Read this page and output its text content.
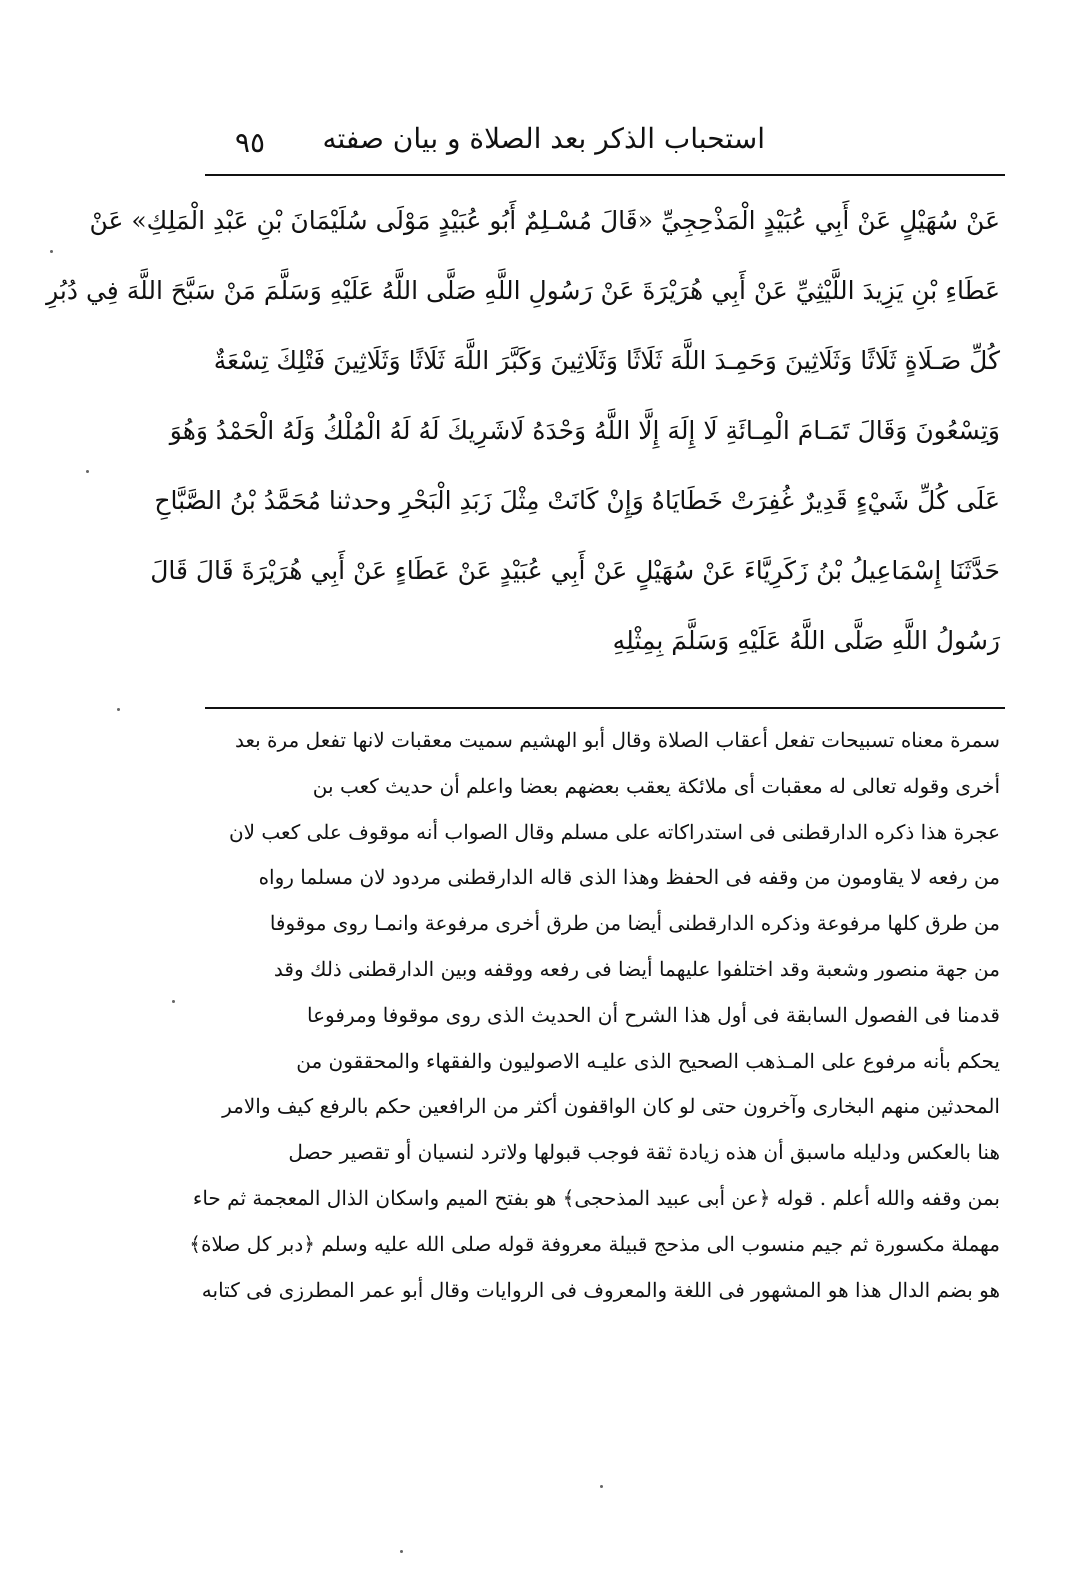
٩٥ استحباب الذكر بعد الصلاة و بيان صفته
عَنْ سُهَيْلٍ عَنْ أَبِي عُبَيْدٍ الْمَذْحِجِيِّ «قَالَ مُسْـلِمٌ أَبُو عُبَيْدٍ مَوْلَى سُلَيْمَانَ بْنِ عَبْدِ الْمَلِكِ» عَنْ
عَطَاءِ بْنِ يَزِيدَ اللَّيْثِيِّ عَنْ أَبِي هُرَيْرَةَ عَنْ رَسُولِ اللَّهِ صَلَّى اللَّهُ عَلَيْهِ وَسَلَّمَ مَنْ سَبَّحَ اللَّهَ فِي دُبُرِ
كُلِّ صَـلَاةٍ ثَلَاثًا وَثَلَاثِينَ وَحَمِـدَ اللَّهَ ثَلَاثًا وَثَلَاثِينَ وَكَبَّرَ اللَّهَ ثَلَاثًا وَثَلَاثِينَ فَتْلِكَ تِسْعَةٌ
وَتِسْعُونَ وَقَالَ تَمَـامَ الْمِـائَةِ لَا إِلَهَ إِلَّا اللَّهُ وَحْدَهُ لَاشَرِيكَ لَهُ لَهُ الْمُلْكُ وَلَهُ الْحَمْدُ وَهُوَ
عَلَى كُلِّ شَيْءٍ قَدِيرٌ غُفِرَتْ خَطَايَاهُ وَإِنْ كَانَتْ مِثْلَ زَبَدِ الْبَحْرِ وحدثنا مُحَمَّدُ بْنُ الصَّبَّاحِ
حَدَّثَنَا إِسْمَاعِيلُ بْنُ زَكَرِيَّاءَ عَنْ سُهَيْلٍ عَنْ أَبِي عُبَيْدٍ عَنْ عَطَاءٍ عَنْ أَبِي هُرَيْرَةَ قَالَ قَالَ
رَسُولُ اللَّهِ صَلَّى اللَّهُ عَلَيْهِ وَسَلَّمَ بِمِثْلِهِ
سمرة معناه تسبيحات تفعل أعقاب الصلاة وقال أبو الهشيم سميت معقبات لانها تفعل مرة بعد
أخرى وقوله تعالى له معقبات أى ملائكة يعقب بعضهم بعضا واعلم أن حديث كعب بن
عجرة هذا ذكره الدارقطنى فى استدراكاته على مسلم وقال الصواب أنه موقوف على كعب لان
من رفعه لا يقاومون من وقفه فى الحفظ وهذا الذى قاله الدارقطنى مردود لان مسلما رواه
من طرق كلها مرفوعة وذكره الدارقطنى أيضا من طرق أخرى مرفوعة وانمـا روى موقوفا
من جهة منصور وشعبة وقد اختلفوا عليهما أيضا فى رفعه ووقفه وبين الدارقطنى ذلك وقد
قدمنا فى الفصول السابقة فى أول هذا الشرح أن الحديث الذى روى موقوفا ومرفوعا
يحكم بأنه مرفوع على المـذهب الصحيح الذى عليـه الاصوليون والفقهاء والمحققون من
المحدثين منهم البخارى وآخرون حتى لو كان الواقفون أكثر من الرافعين حكم بالرفع كيف والامر
هنا بالعكس ودليله ماسبق أن هذه زيادة ثقة فوجب قبولها ولاترد لنسيان أو تقصير حصل
بمن وقفه والله أعلم . قوله ﴿عن أبى عبيد المذحجى﴾ هو بفتح الميم واسكان الذال المعجمة ثم حاء
مهملة مكسورة ثم جيم منسوب الى مذحج قبيلة معروفة قوله صلى الله عليه وسلم ﴿دبر كل صلاة﴾
هو بضم الدال هذا هو المشهور فى اللغة والمعروف فى الروايات وقال أبو عمر المطرزى فى كتابه
